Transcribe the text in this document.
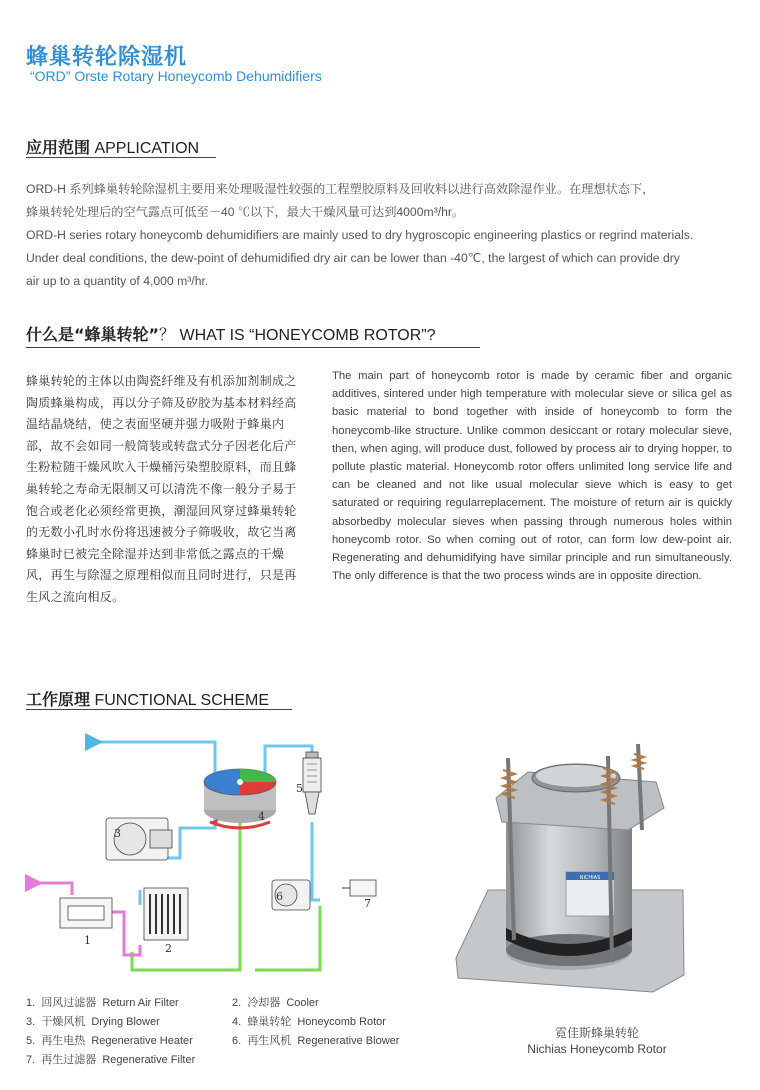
蜂巢转轮除湿机
“ORD” Orste Rotary Honeycomb Dehumidifiers
应用范围 APPLICATION

ORD-H 系列蜂巢转轮除湿机主要用来处理吸湿性较强的工程塑胶原料及回收料以进行高效除湿作业。在理想状态下，

蜂巢转轮处理后的空气露点可低至－40 ℃以下，最大干燥风量可达到4000m³/hr。

ORD-H series rotary honeycomb dehumidifiers are mainly used to dry hygroscopic engineering plastics or regrind materials.

Under deal conditions, the dew-point of dehumidified dry air can be lower than -40℃, the largest of which can provide dry

air up to a quantity of 4,000 m³/hr.

什么是“蜂巢转轮”？ WHAT IS “HONEYCOMB ROTOR”?
蜂巢转轮的主体以由陶瓷纤维及有机添加剂制成之陶质蜂巢构成，再以分子筛及矽胶为基本材料经高温结晶烧结，使之表面坚硬并强力吸附于蜂巢内部，故不会如同一般筒装或转盘式分子因老化后产生粉粒随干燥风吹入干燥桶污染塑胶原料，而且蜂巢转轮之寿命无限制又可以清洗不像一般分子易于饱合或老化必须经常更换，潮湿回风穿过蜂巢转轮的无数小孔时水份将迅速被分子筛吸收，故它当离蜂巢时已被完全除湿并达到非常低之露点的干燥风，再生与除湿之原理相似而且同时进行，只是再生风之流向相反。
The main part of honeycomb rotor is made by ceramic fiber and organic additives, sintered under high temperature with molecular sieve or silica gel as basic material to bond together with inside of honeycomb to form the honeycomb-like structure. Unlike common desiccant or rotary molecular sieve, then, when aging, will produce dust, followed by process air to drying hopper, to pollute plastic material. Honeycomb rotor offers unlimited long service life and can be cleaned and not like usual molecular sieve which is easy to get saturated or requiring regularreplacement. The moisture of return air is quickly absorbedby molecular sieves when passing through numerous holes within honeycomb rotor. So when coming out of rotor, can form low dew-point air. Regenerating and dehumidifying have similar principle and run simultaneously. The only difference is that the two process winds are in opposite direction.
工作原理 FUNCTIONAL SCHEME
1
2
3
4
5
6
7
NICHIAS
1. 回风过滤器 Return Air Filter	2. 冷却器 Cooler
3. 干燥风机 Drying Blower	4. 蜂巢转轮 Honeycomb Rotor
5. 再生电热 Regenerative Heater	6. 再生风机 Regenerative Blower
7. 再生过滤器 Regenerative Filter
霓佳斯蜂巢转轮
Nichias Honeycomb Rotor
